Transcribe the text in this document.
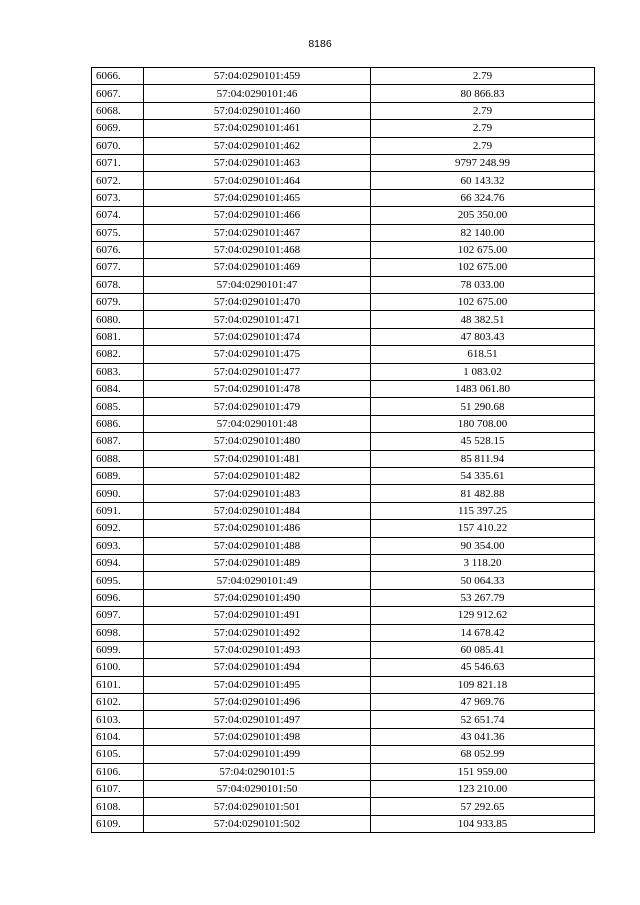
8186
6066.	57:04:0290101:459	2.79
6067.	57:04:0290101:46	80 866.83
6068.	57:04:0290101:460	2.79
6069.	57:04:0290101:461	2.79
6070.	57:04:0290101:462	2.79
6071.	57:04:0290101:463	9797 248.99
6072.	57:04:0290101:464	60 143.32
6073.	57:04:0290101:465	66 324.76
6074.	57:04:0290101:466	205 350.00
6075.	57:04:0290101:467	82 140.00
6076.	57:04:0290101:468	102 675.00
6077.	57:04:0290101:469	102 675.00
6078.	57:04:0290101:47	78 033.00
6079.	57:04:0290101:470	102 675.00
6080.	57:04:0290101:471	48 382.51
6081.	57:04:0290101:474	47 803.43
6082.	57:04:0290101:475	618.51
6083.	57:04:0290101:477	1 083.02
6084.	57:04:0290101:478	1483 061.80
6085.	57:04:0290101:479	51 290.68
6086.	57:04:0290101:48	180 708.00
6087.	57:04:0290101:480	45 528.15
6088.	57:04:0290101:481	85 811.94
6089.	57:04:0290101:482	54 335.61
6090.	57:04:0290101:483	81 482.88
6091.	57:04:0290101:484	115 397.25
6092.	57:04:0290101:486	157 410.22
6093.	57:04:0290101:488	90 354.00
6094.	57:04:0290101:489	3 118.20
6095.	57:04:0290101:49	50 064.33
6096.	57:04:0290101:490	53 267.79
6097.	57:04:0290101:491	129 912.62
6098.	57:04:0290101:492	14 678.42
6099.	57:04:0290101:493	60 085.41
6100.	57:04:0290101:494	45 546.63
6101.	57:04:0290101:495	109 821.18
6102.	57:04:0290101:496	47 969.76
6103.	57:04:0290101:497	52 651.74
6104.	57:04:0290101:498	43 041.36
6105.	57:04:0290101:499	68 052.99
6106.	57:04:0290101:5	151 959.00
6107.	57:04:0290101:50	123 210.00
6108.	57:04:0290101:501	57 292.65
6109.	57:04:0290101:502	104 933.85
